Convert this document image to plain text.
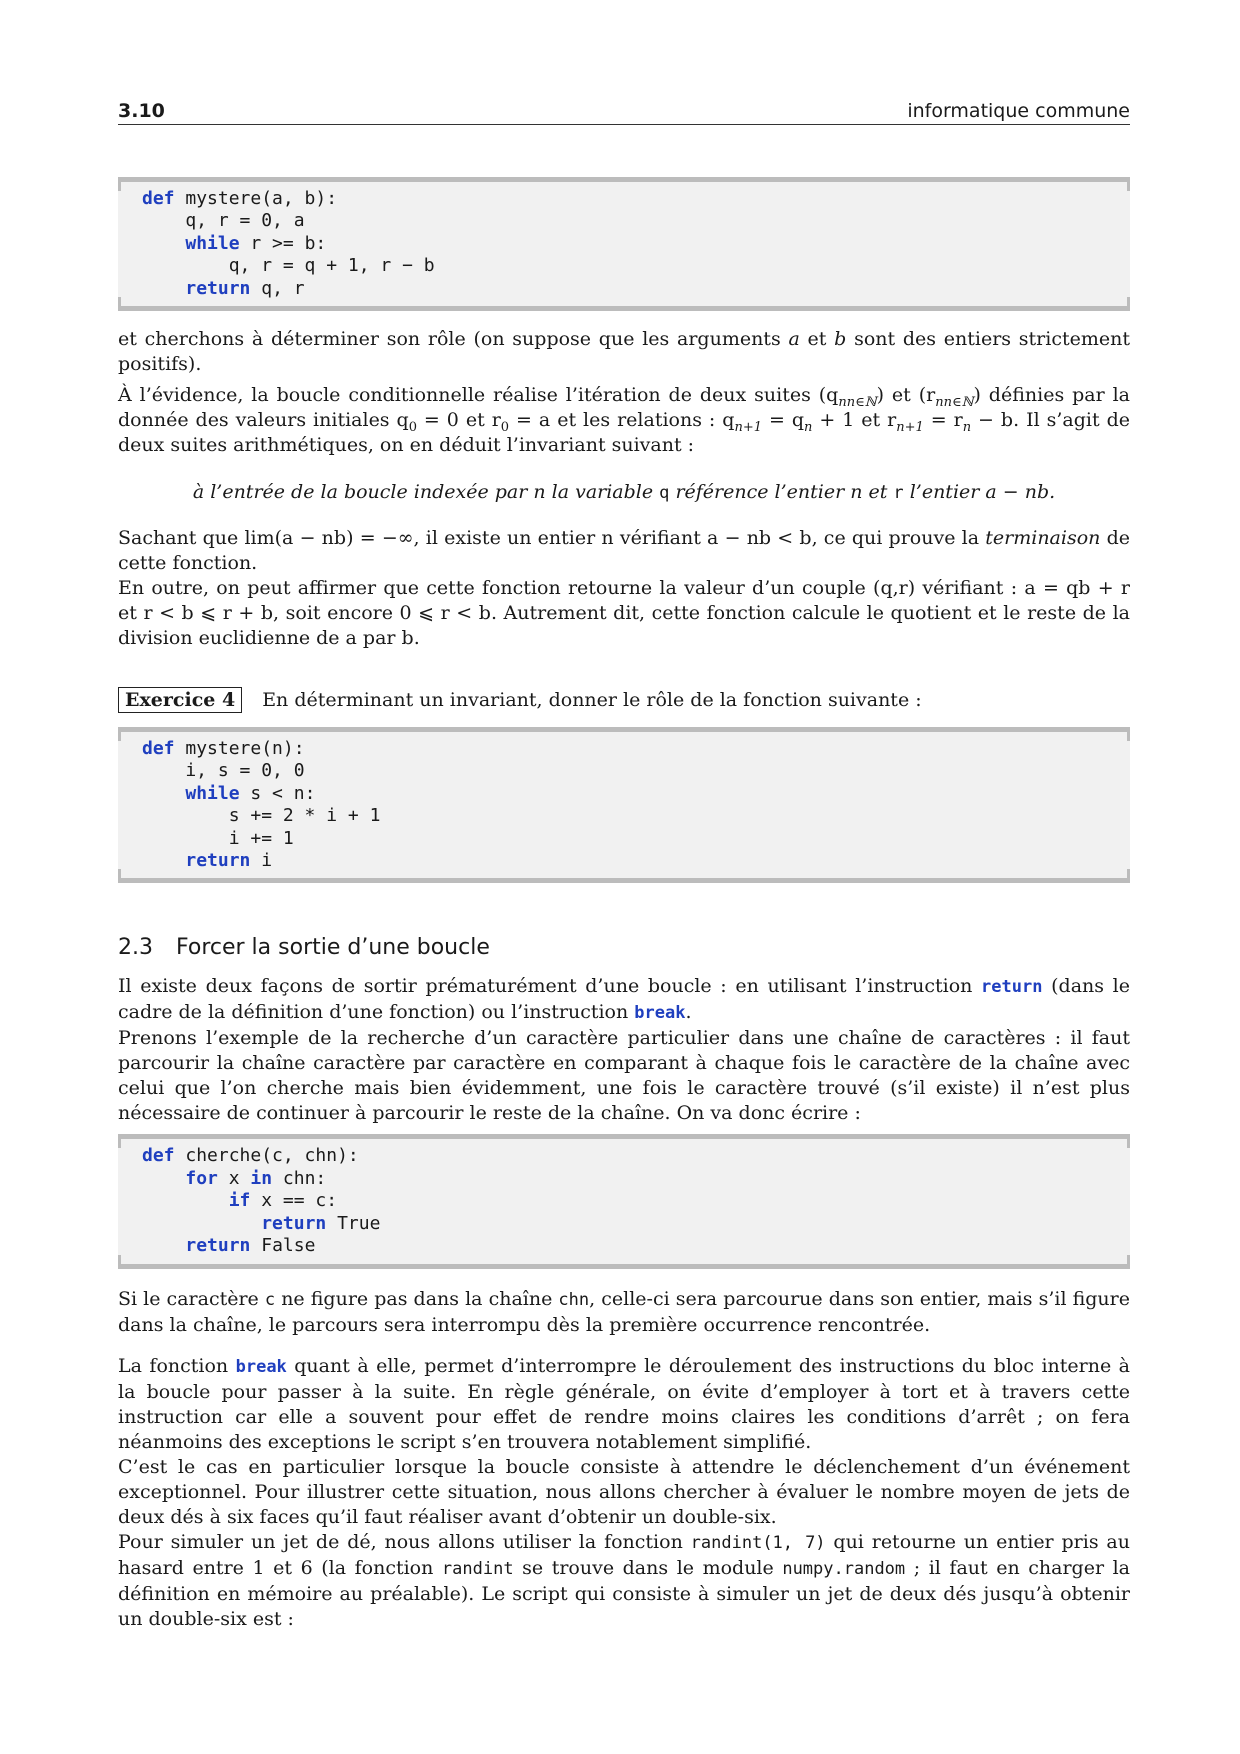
3.10	informatique commune
def mystere(a, b):
q, r = 0, a
while r >= b:
q, r = q + 1, r − b
return q, r

et cherchons à déterminer son rôle (on suppose que les arguments a et b sont des entiers strictement positifs).

À l’évidence, la boucle conditionnelle réalise l’itération de deux suites $(q_{nn\in ℕ})$ et $(r_{nn\in ℕ})$ définies par la donnée des valeurs initiales $q_0 = 0$ et $r_0 = a$ et les relations : $q_{n+1} = q_n + 1$ et $r_{n+1} = r_n - b$. Il s’agit de deux suites arithmétiques, on en déduit l’invariant suivant :

à l’entrée de la boucle indexée par n la variable q référence l’entier n et r l’entier a − nb.

Sachant que lim(a − nb) = −∞, il existe un entier n vérifiant a − nb < b, ce qui prouve la terminaison de cette fonction.

En outre, on peut affirmer que cette fonction retourne la valeur d’un couple (q,r) vérifiant : a = qb + r et r < b ⩽ r + b, soit encore 0 ⩽ r < b. Autrement dit, cette fonction calcule le quotient et le reste de la division euclidienne de a par b.

Exercice 4	En déterminant un invariant, donner le rôle de la fonction suivante :
def mystere(n):
i, s = 0, 0
while s < n:
s += 2 * i + 1
i += 1
return i
2.3 Forcer la sortie d’une boucle

Il existe deux façons de sortir prématurément d’une boucle : en utilisant l’instruction return (dans le cadre de la définition d’une fonction) ou l’instruction break.

Prenons l’exemple de la recherche d’un caractère particulier dans une chaîne de caractères : il faut parcourir la chaîne caractère par caractère en comparant à chaque fois le caractère de la chaîne avec celui que l’on cherche mais bien évidemment, une fois le caractère trouvé (s’il existe) il n’est plus nécessaire de continuer à parcourir le reste de la chaîne. On va donc écrire :

def cherche(c, chn):
for x in chn:
if x == c:
return True
return False

Si le caractère c ne figure pas dans la chaîne chn, celle-ci sera parcourue dans son entier, mais s’il figure dans la chaîne, le parcours sera interrompu dès la première occurrence rencontrée.

La fonction break quant à elle, permet d’interrompre le déroulement des instructions du bloc interne à la boucle pour passer à la suite. En règle générale, on évite d’employer à tort et à travers cette instruction car elle a souvent pour effet de rendre moins claires les conditions d’arrêt ; on fera néanmoins des exceptions le script s’en trouvera notablement simplifié.

C’est le cas en particulier lorsque la boucle consiste à attendre le déclenchement d’un événement exceptionnel. Pour illustrer cette situation, nous allons chercher à évaluer le nombre moyen de jets de deux dés à six faces qu’il faut réaliser avant d’obtenir un double-six.

Pour simuler un jet de dé, nous allons utiliser la fonction randint(1, 7) qui retourne un entier pris au hasard entre 1 et 6 (la fonction randint se trouve dans le module numpy.random ; il faut en charger la définition en mémoire au préalable). Le script qui consiste à simuler un jet de deux dés jusqu’à obtenir un double-six est :
